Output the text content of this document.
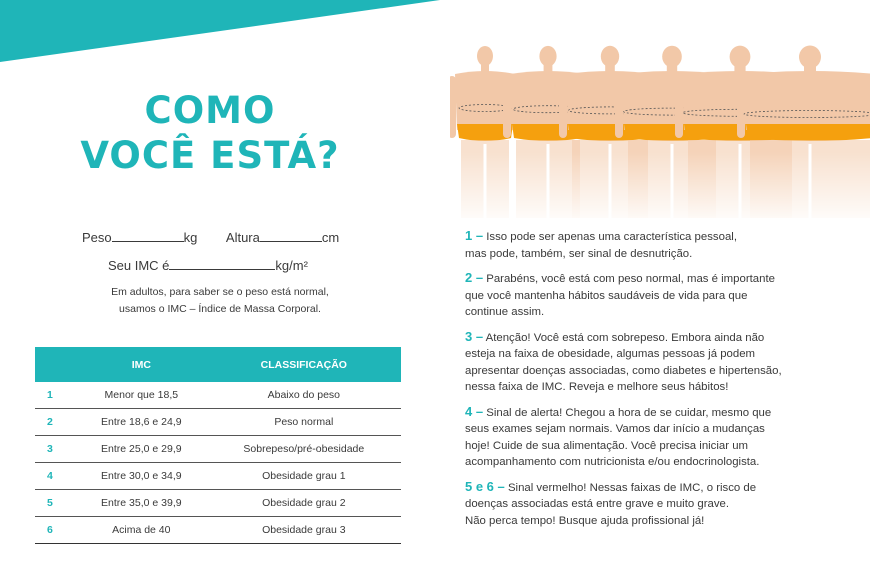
COMO
VOCÊ ESTÁ?
Peso	kg Altura	cm
Seu IMC é	kg/m²
Em adultos, para saber se o peso está normal,
usamos o IMC – Índice de Massa Corporal.
	IMC	CLASSIFICAÇÃO
1	Menor que 18,5	Abaixo do peso
2	Entre 18,6 e 24,9	Peso normal
3	Entre 25,0 e 29,9	Sobrepeso/pré-obesidade
4	Entre 30,0 e 34,9	Obesidade grau 1
5	Entre 35,0 e 39,9	Obesidade grau 2
6	Acima de 40	Obesidade grau 3

1 – Isso pode ser apenas uma característica pessoal,
mas pode, também, ser sinal de desnutrição.

2 – Parabéns, você está com peso normal, mas é importante
que você mantenha hábitos saudáveis de vida para que
continue assim.

3 – Atenção! Você está com sobrepeso. Embora ainda não
esteja na faixa de obesidade, algumas pessoas já podem
apresentar doenças associadas, como diabetes e hipertensão,
nessa faixa de IMC. Reveja e melhore seus hábitos!

4 – Sinal de alerta! Chegou a hora de se cuidar, mesmo que
seus exames sejam normais. Vamos dar início a mudanças
hoje! Cuide de sua alimentação. Você precisa iniciar um
acompanhamento com nutricionista e/ou endocrinologista.

5 e 6 – Sinal vermelho! Nessas faixas de IMC, o risco de
doenças associadas está entre grave e muito grave.
Não perca tempo! Busque ajuda profissional já!
